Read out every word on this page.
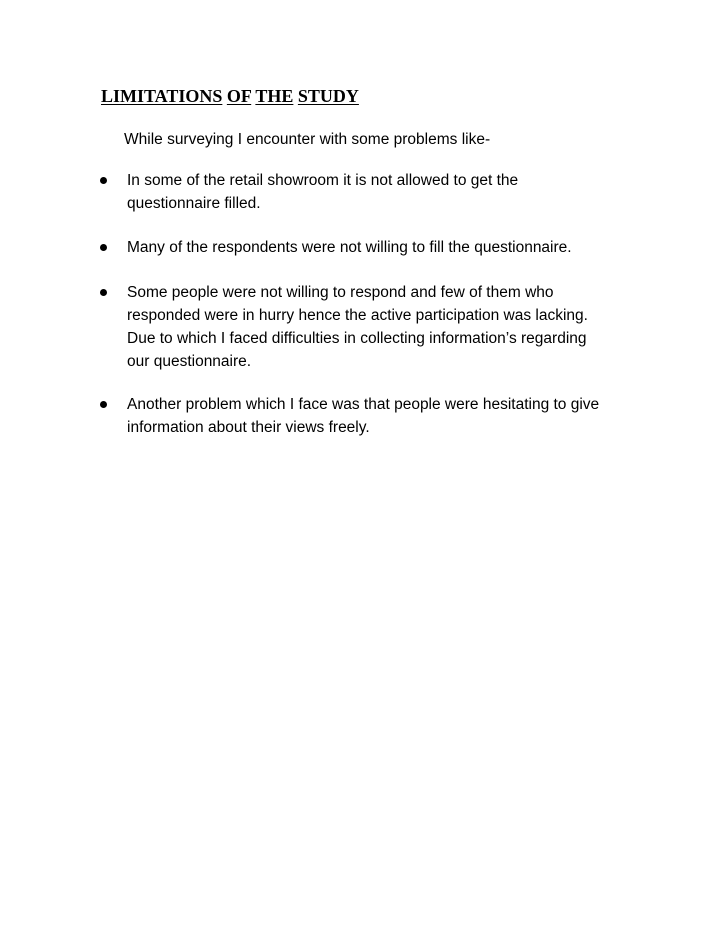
LIMITATIONS OF THE STUDY

While surveying I encounter with some problems like-

In some of the retail showroom it is not allowed to get the
questionnaire filled.
Many of the respondents were not willing to fill the questionnaire.
Some people were not willing to respond and few of them who
responded were in hurry hence the active participation was lacking.
Due to which I faced difficulties in collecting information’s regarding
our questionnaire.
Another problem which I face was that people were hesitating to give
information about their views freely.
